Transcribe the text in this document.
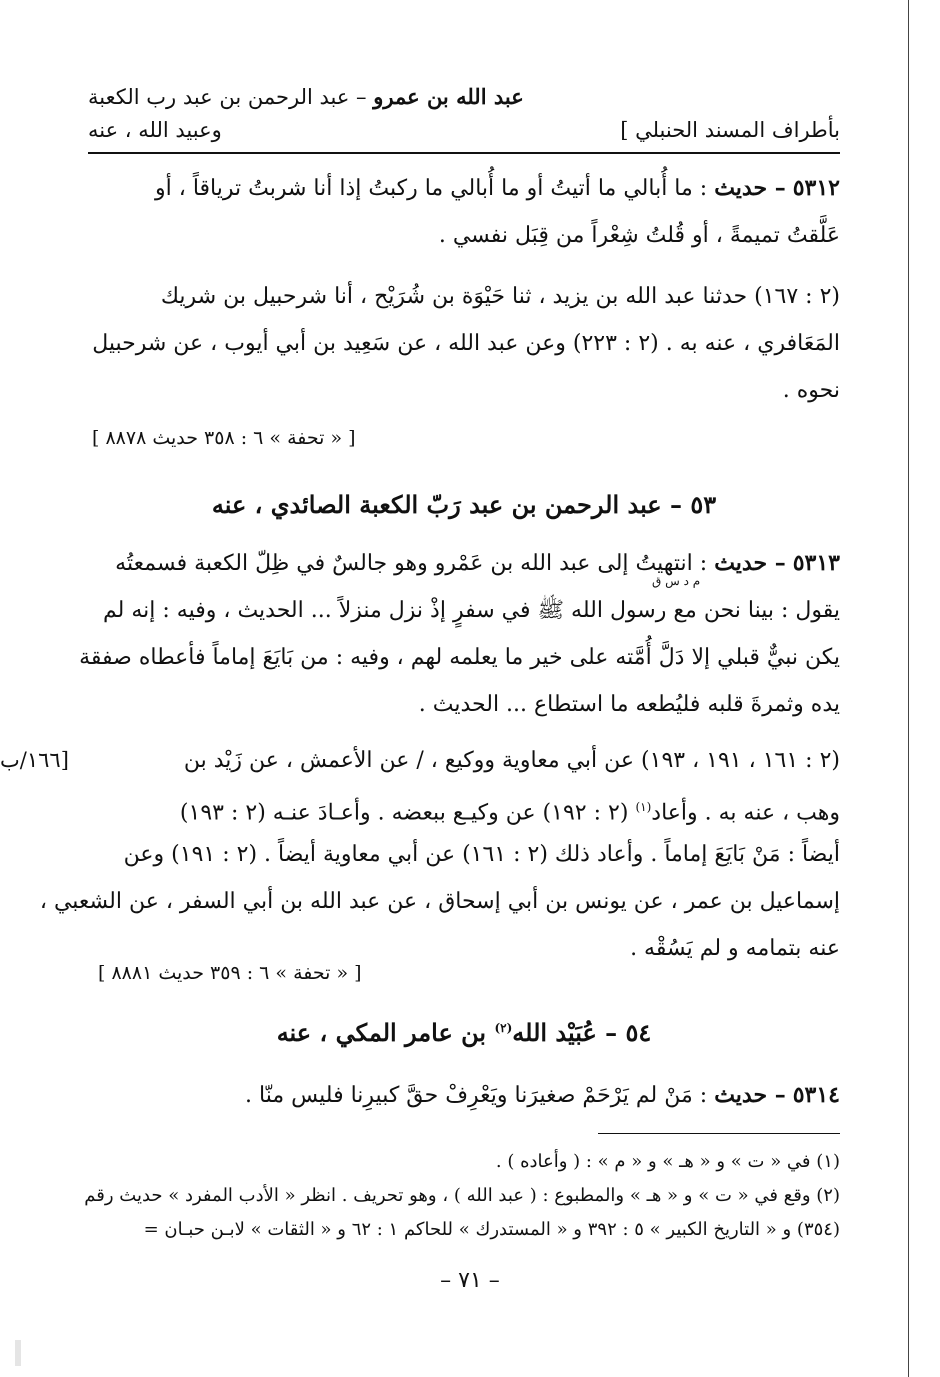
عبد الله بن عمرو – عبد الرحمن بن عبد رب الكعبة
وعبيد الله ، عنه	بأطراف المسند الحنبلي ]
٥٣١٢ – حديث : ما أُبالي ما أتيتُ أو ما أُبالي ما ركبتُ إذا أنا شربتُ ترياقاً ، أو
عَلَّقتُ تميمةً ، أو قُلتُ شِعْراً من قِبَل نفسي .
(٢ : ١٦٧) حدثنا عبد الله بن يزيد ، ثنا حَيْوَة بن شُرَيْح ، أنا شرحبيل بن شريك
المَعَافري ، عنه به . (٢ : ٢٢٣) وعن عبد الله ، عن سَعِيد بن أبي أيوب ، عن شرحبيل
نحوه .
[ « تحفة » ٦ : ٣٥٨ حديث ٨٨٧٨ ]
٥٣ – عبد الرحمن بن عبد رَبّ الكعبة الصائدي ، عنه
٥٣١٣ – حديث : انتهيتُ إلى عبد الله بن عَمْرو وهو جالسٌ في ظِلّ الكعبة فسمعتُه
يقول : بينا نحن مع رسول الله ﷺ في سفرٍ إذْ نزل منزلاً ... الحديث ، وفيه : إنه لم
يكن نبيٌّ قبلي إلا دَلَّ أُمَّته على خير ما يعلمه لهم ، وفيه : من بَايَعَ إماماً فأعطاه صفقة
يده وثمرةَ قلبه فليُطعه ما استطاع ... الحديث .
م د س ق
[١٦٦/ب	(٢ : ١٦١ ، ١٩١ ، ١٩٣) عن أبي معاوية ووكيع ، / عن الأعمش ، عن زَيْد بن
وهب ، عنه به . وأعاد$^{(١)}$ (٢ : ١٩٢) عن وكيـع ببعضه . وأعـادَ عنـه (٢ : ١٩٣)
أيضاً : مَنْ بَايَعَ إماماً . وأعاد ذلك (٢ : ١٦١) عن أبي معاوية أيضاً . (٢ : ١٩١) وعن
إسماعيل بن عمر ، عن يونس بن أبي إسحاق ، عن عبد الله بن أبي السفر ، عن الشعبي ،
عنه بتمامه و لم يَسُقْه .
[ « تحفة » ٦ : ٣٥٩ حديث ٨٨٨١ ]
٥٤ – عُبَيْد الله$^{(٢)}$ بن عامر المكي ، عنه
٥٣١٤ – حديث : مَنْ لم يَرْحَمْ صغيرَنا ويَعْرِفْ حقَّ كبيرِنا فليس منّا .
(١) في « ت » و « هـ » و « م » : ( وأعاده ) .
(٢) وقع في « ت » و « هـ » والمطبوع : ( عبد الله ) ، وهو تحريف . انظر « الأدب المفرد » حديث رقم
(٣٥٤) و « التاريخ الكبير » ٥ : ٣٩٢ و « المستدرك » للحاكم ١ : ٦٢ و « الثقات » لابـن حبـان =
– ٧١ –
